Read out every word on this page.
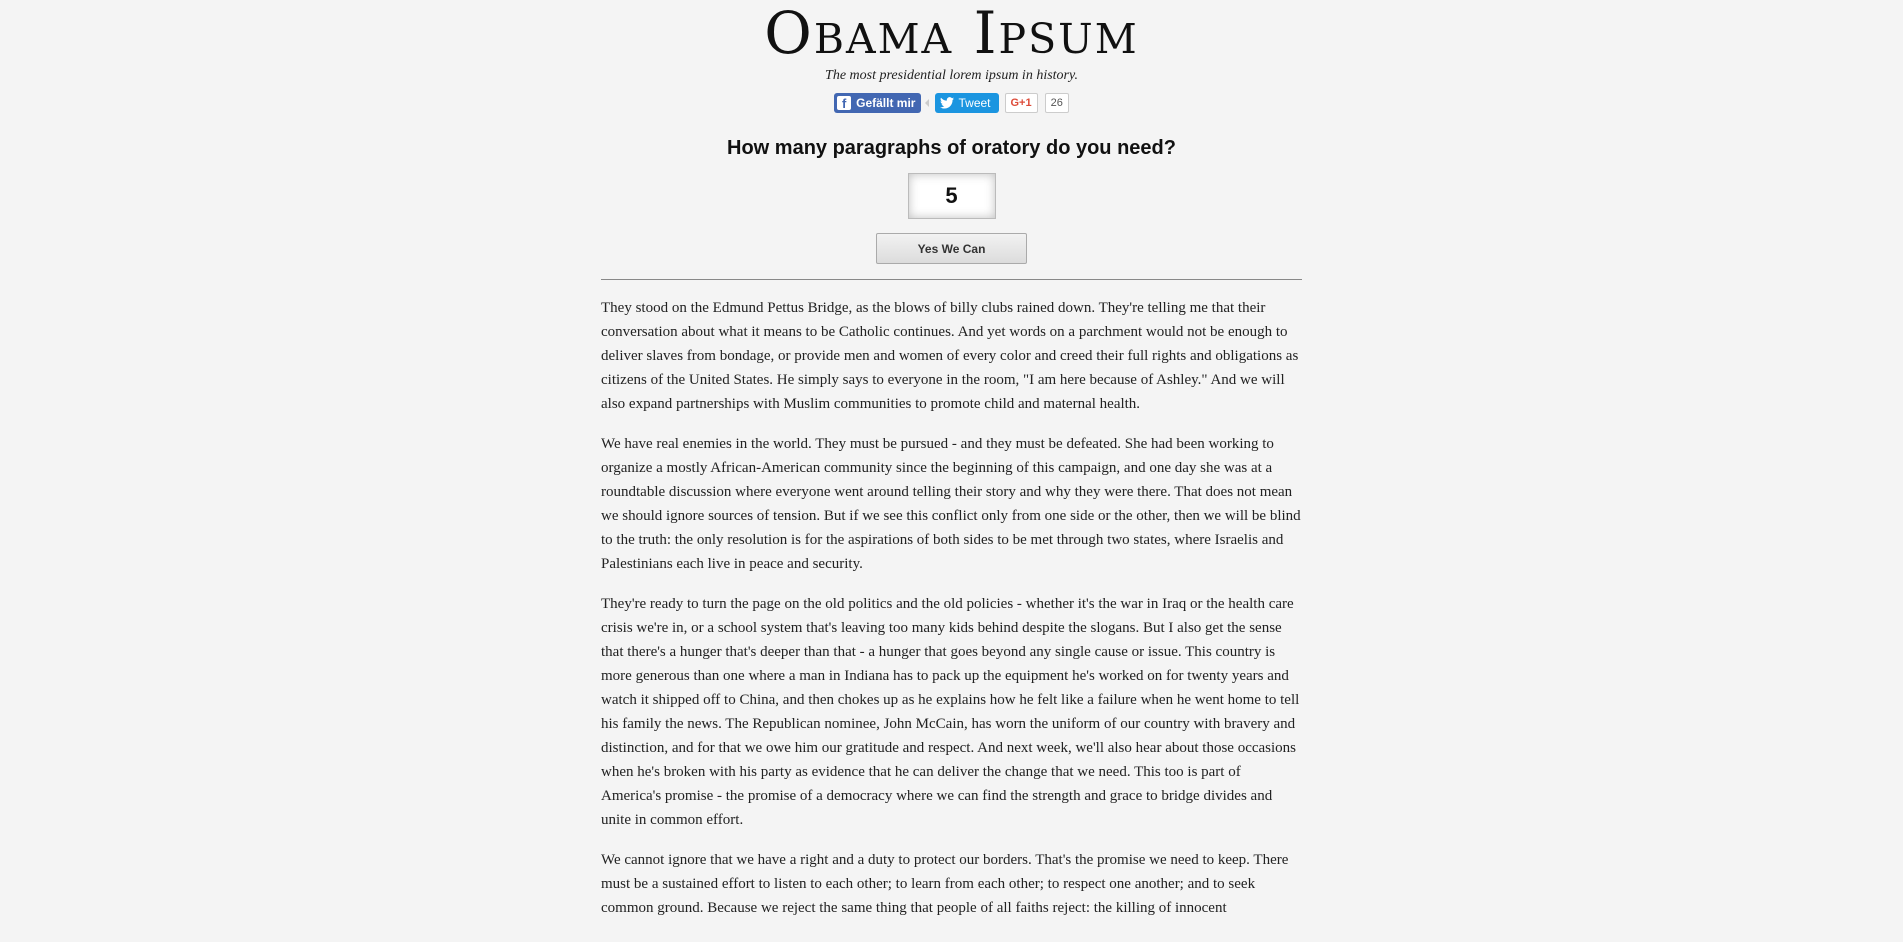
Obama Ipsum

The most presidential lorem ipsum in history.

f Gefällt mir	Tweet G+1	26
How many paragraphs of oratory do you need?
5
Yes We Can

They stood on the Edmund Pettus Bridge, as the blows of billy clubs rained down. They're telling me that their conversation about what it means to be Catholic continues. And yet words on a parchment would not be enough to deliver slaves from bondage, or provide men and women of every color and creed their full rights and obligations as citizens of the United States. He simply says to everyone in the room, "I am here because of Ashley." And we will also expand partnerships with Muslim communities to promote child and maternal health.

We have real enemies in the world. They must be pursued - and they must be defeated. She had been working to organize a mostly African-American community since the beginning of this campaign, and one day she was at a roundtable discussion where everyone went around telling their story and why they were there. That does not mean we should ignore sources of tension. But if we see this conflict only from one side or the other, then we will be blind to the truth: the only resolution is for the aspirations of both sides to be met through two states, where Israelis and Palestinians each live in peace and security.

They're ready to turn the page on the old politics and the old policies - whether it's the war in Iraq or the health care crisis we're in, or a school system that's leaving too many kids behind despite the slogans. But I also get the sense that there's a hunger that's deeper than that - a hunger that goes beyond any single cause or issue. This country is more generous than one where a man in Indiana has to pack up the equipment he's worked on for twenty years and watch it shipped off to China, and then chokes up as he explains how he felt like a failure when he went home to tell his family the news. The Republican nominee, John McCain, has worn the uniform of our country with bravery and distinction, and for that we owe him our gratitude and respect. And next week, we'll also hear about those occasions when he's broken with his party as evidence that he can deliver the change that we need. This too is part of America's promise - the promise of a democracy where we can find the strength and grace to bridge divides and unite in common effort.

We cannot ignore that we have a right and a duty to protect our borders. That's the promise we need to keep. There must be a sustained effort to listen to each other; to learn from each other; to respect one another; and to seek common ground. Because we reject the same thing that people of all faiths reject: the killing of innocent
